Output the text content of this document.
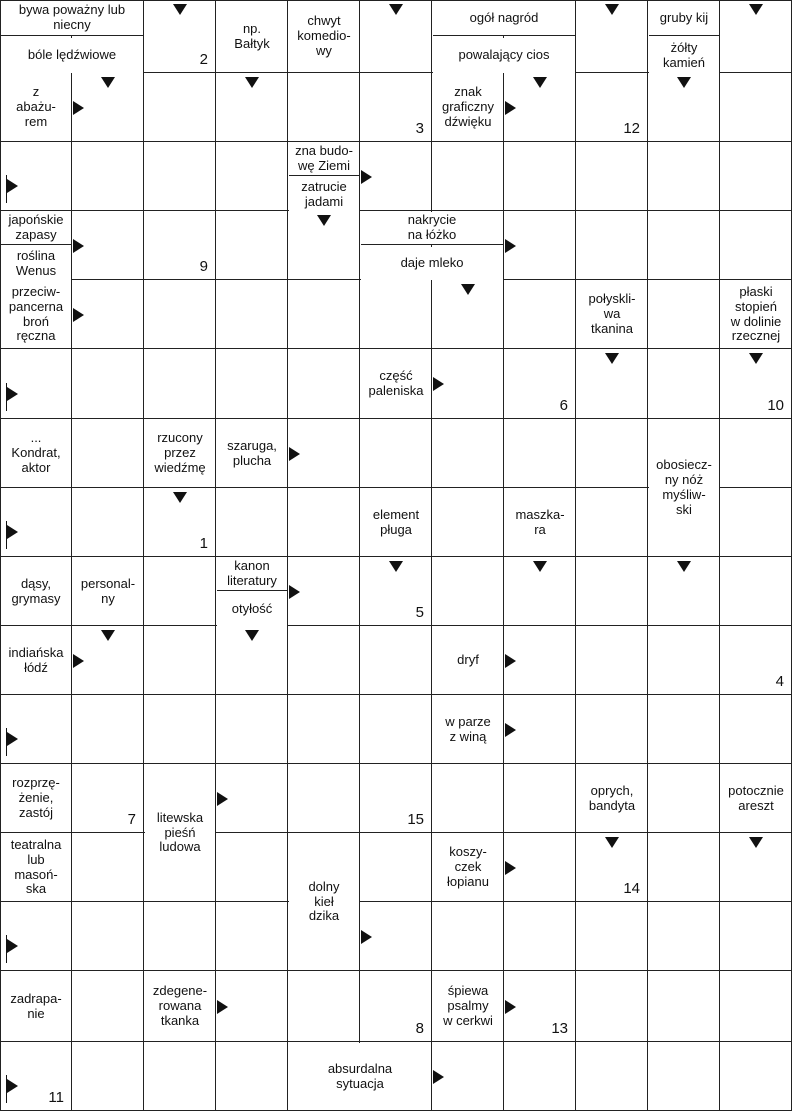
bywa poważny lub niecny
bóle lędźwiowe
np.
Bałtyk
chwyt
komedio-
wy
ogół nagród
powalający cios
gruby kij
żółty
kamień
z
abażu-
rem
znak
graficzny
dźwięku
zna budo-
wę Ziemi
zatrucie
jadami
japońskie
zapasy
roślina
Wenus
nakrycie
na łóżko
daje mleko
przeciw-
pancerna
broń
ręczna
połyskli-
wa
tkanina
płaski
stopień
w dolinie
rzecznej
część
paleniska
...
Kondrat,
aktor
rzucony
przez
wiedźmę
szaruga,
plucha	obosiecz-
ny nóż
myśliw-
ski
element
pługa
maszka-
ra
dąsy,
grymasy
personal-
ny
kanon
literatury
otyłość
indiańska
łódź	dryf
w parze
z winą
rozprzę-
żenie,
zastój	litewska
pieśń
ludowa
oprych,
bandyta
potocznie
areszt
teatralna
lub
masoń-
ska
koszy-
czek
łopianu
dolny
kieł
dzika
zadrapa-
nie
zdegene-
rowana
tkanka
śpiewa
psalmy
w cerkwi
absurdalna
sytuacja
2
3	12
9
6	10
1
5
4
7	15
14
8	13
11
